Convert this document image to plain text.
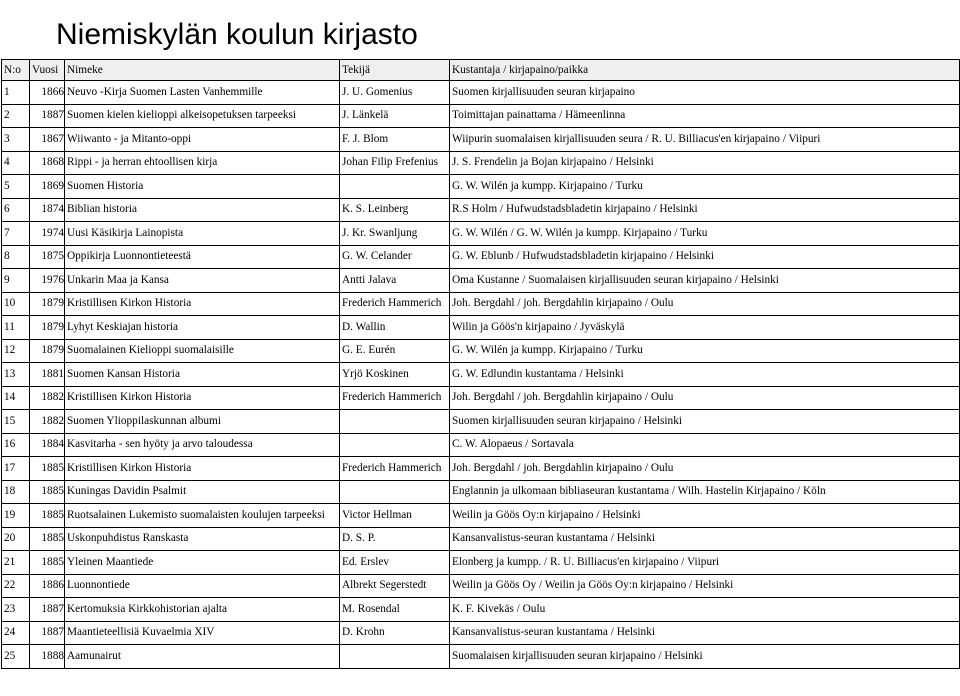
Niemiskylän koulun kirjasto
N:o	Vuosi	Nimeke	Tekijä	Kustantaja / kirjapaino/paikka
1	1866	Neuvo -Kirja Suomen Lasten Vanhemmille	J. U. Gomenius	Suomen kirjallisuuden seuran kirjapaino
2	1887	Suomen kielen kielioppi alkeisopetuksen tarpeeksi	J. Länkelä	Toimittajan painattama / Hämeenlinna
3	1867	Wiiwanto - ja Mitanto-oppi	F. J. Blom	Wiipurin suomalaisen kirjallisuuden seura / R. U. Billiacus'en kirjapaino / Viipuri
4	1868	Rippi - ja herran ehtoollisen kirja	Johan Filip Frefenius	J. S. Frendelin ja Bojan kirjapaino / Helsinki
5	1869	Suomen Historia		G. W. Wilén ja kumpp. Kirjapaino / Turku
6	1874	Biblian historia	K. S. Leinberg	R.S Holm / Hufwudstadsbladetin kirjapaino / Helsinki
7	1974	Uusi Käsikirja Lainopista	J. Kr. Swanljung	G. W. Wilén / G. W. Wilén ja kumpp. Kirjapaino / Turku
8	1875	Oppikirja Luonnontieteestä	G. W. Celander	G. W. Eblunb / Hufwudstadsbladetin kirjapaino / Helsinki
9	1976	Unkarin Maa ja Kansa	Antti Jalava	Oma Kustanne / Suomalaisen kirjallisuuden seuran kirjapaino / Helsinki
10	1879	Kristillisen Kirkon Historia	Frederich Hammerich	Joh. Bergdahl / joh. Bergdahlin kirjapaino / Oulu
11	1879	Lyhyt Keskiajan historia	D. Wallin	Wilin ja Göös'n kirjapaino / Jyväskylä
12	1879	Suomalainen Kielioppi suomalaisille	G. E. Eurén	G. W. Wilén ja kumpp. Kirjapaino / Turku
13	1881	Suomen Kansan Historia	Yrjö Koskinen	G. W. Edlundin kustantama / Helsinki
14	1882	Kristillisen Kirkon Historia	Frederich Hammerich	Joh. Bergdahl / joh. Bergdahlin kirjapaino / Oulu
15	1882	Suomen Ylioppilaskunnan albumi		Suomen kirjallisuuden seuran kirjapaino / Helsinki
16	1884	Kasvitarha - sen hyöty ja arvo taloudessa		C. W. Alopaeus / Sortavala
17	1885	Kristillisen Kirkon Historia	Frederich Hammerich	Joh. Bergdahl / joh. Bergdahlin kirjapaino / Oulu
18	1885	Kuningas Davidin Psalmit		Englannin ja ulkomaan bibliaseuran kustantama / Wilh. Hastelin Kirjapaino / Köln
19	1885	Ruotsalainen Lukemisto suomalaisten koulujen tarpeeksi	Victor Hellman	Weilin ja Göös Oy:n kirjapaino / Helsinki
20	1885	Uskonpuhdistus Ranskasta	D. S. P.	Kansanvalistus-seuran kustantama / Helsinki
21	1885	Yleinen Maantiede	Ed. Erslev	Elonberg ja kumpp. / R. U. Billiacus'en kirjapaino / Viipuri
22	1886	Luonnontiede	Albrekt Segerstedt	Weilin ja Göös Oy / Weilin ja Göös Oy:n kirjapaino / Helsinki
23	1887	Kertomuksia Kirkkohistorian ajalta	M. Rosendal	K. F. Kivekäs / Oulu
24	1887	Maantieteellisiä Kuvaelmia XIV	D. Krohn	Kansanvalistus-seuran kustantama / Helsinki
25	1888	Aamunairut		Suomalaisen kirjallisuuden seuran kirjapaino / Helsinki
